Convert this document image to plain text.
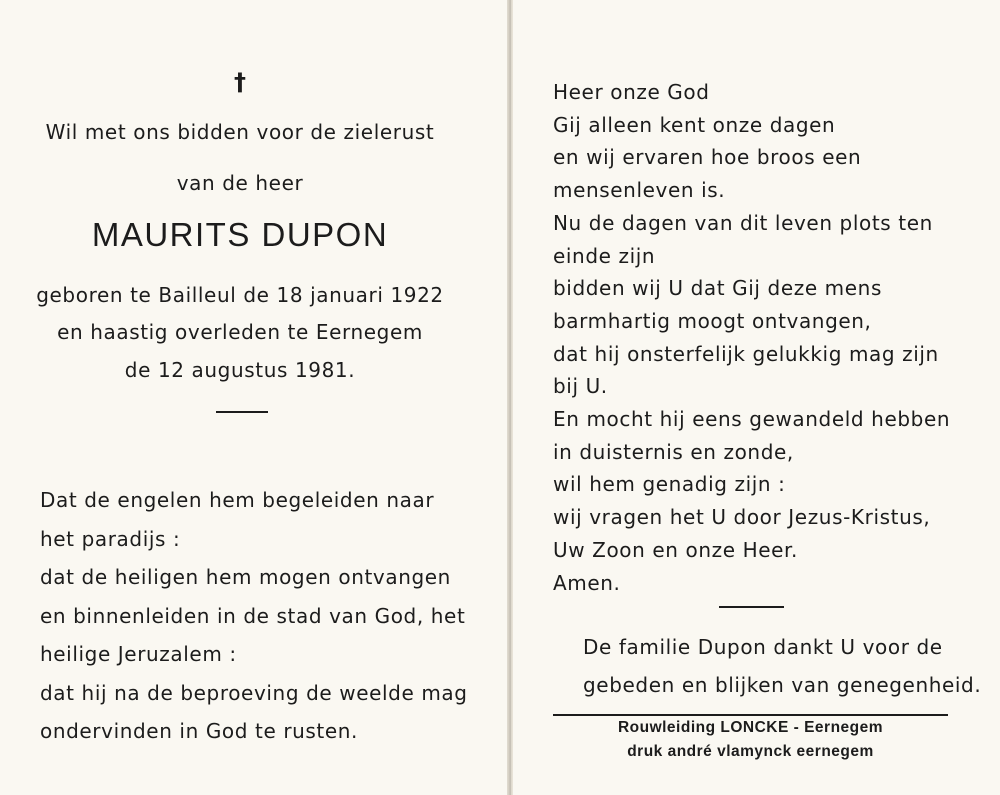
†
Wil met ons bidden voor de zielerust
van de heer
MAURITS DUPON
geboren te Bailleul de 18 januari 1922
en haastig overleden te Eernegem
de 12 augustus 1981.
Dat de engelen hem begeleiden naar
het paradijs :
dat de heiligen hem mogen ontvangen
en binnenleiden in de stad van God, het
heilige Jeruzalem :
dat hij na de beproeving de weelde mag
ondervinden in God te rusten.
Heer onze God
Gij alleen kent onze dagen
en wij ervaren hoe broos een
mensenleven is.
Nu de dagen van dit leven plots ten
einde zijn
bidden wij U dat Gij deze mens
barmhartig moogt ontvangen,
dat hij onsterfelijk gelukkig mag zijn
bij U.
En mocht hij eens gewandeld hebben
in duisternis en zonde,
wil hem genadig zijn :
wij vragen het U door Jezus-Kristus,
Uw Zoon en onze Heer.
Amen.
De familie Dupon dankt U voor de
gebeden en blijken van genegenheid.
Rouwleiding LONCKE - Eernegem
druk andré vlamynck eernegem
